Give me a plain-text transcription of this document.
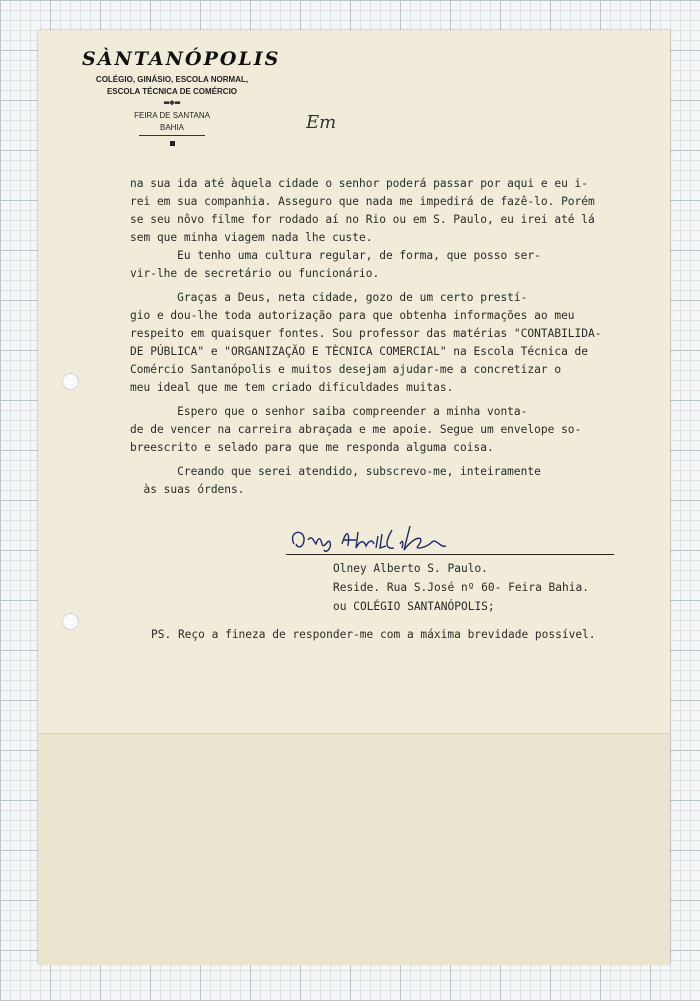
SÀNTANÓPOLIS
COLÉGIO, GINÁSIO, ESCOLA NORMAL,
ESCOLA TÉCNICA DE COMÉRCIO
▬◆▬
FEIRA DE SANTANA
BAHIA	Em
na sua ida até àquela cidade o senhor poderá passar por aqui e eu i-
rei em sua companhia. Asseguro que nada me impedirá de fazê-lo. Porém
se seu nôvo filme for rodado aí no Rio ou em S. Paulo, eu irei até lá
sem que minha viagem nada lhe custe.
Eu tenho uma cultura regular, de forma, que posso ser-
vir-lhe de secretário ou funcionário.
Graças a Deus, neta cidade, gozo de um certo prestí-
gio e dou-lhe toda autorização para que obtenha informações ao meu
respeito em quaisquer fontes. Sou professor das matérias "CONTABILIDA-
DE PÚBLICA" e "ORGANIZAÇÃO E TÈCNICA COMERCIAL" na Escola Técnica de
Comércio Santanópolis e muitos desejam ajudar-me a concretizar o
meu ideal que me tem criado dificuldades muitas.
Espero que o senhor saiba compreender a minha vonta-
de de vencer na carreira abraçada e me apoie. Segue um envelope so-
breescrito e selado para que me responda alguma coisa.
Creando que serei atendido, subscrevo-me, inteiramente
às suas órdens.
Olney Alberto S. Paulo.
Reside. Rua S.José nº 60- Feira Bahia.
ou COLÉGIO SANTANÓPOLIS;
PS. Reço a fineza de responder-me com a máxima brevidade possível.
